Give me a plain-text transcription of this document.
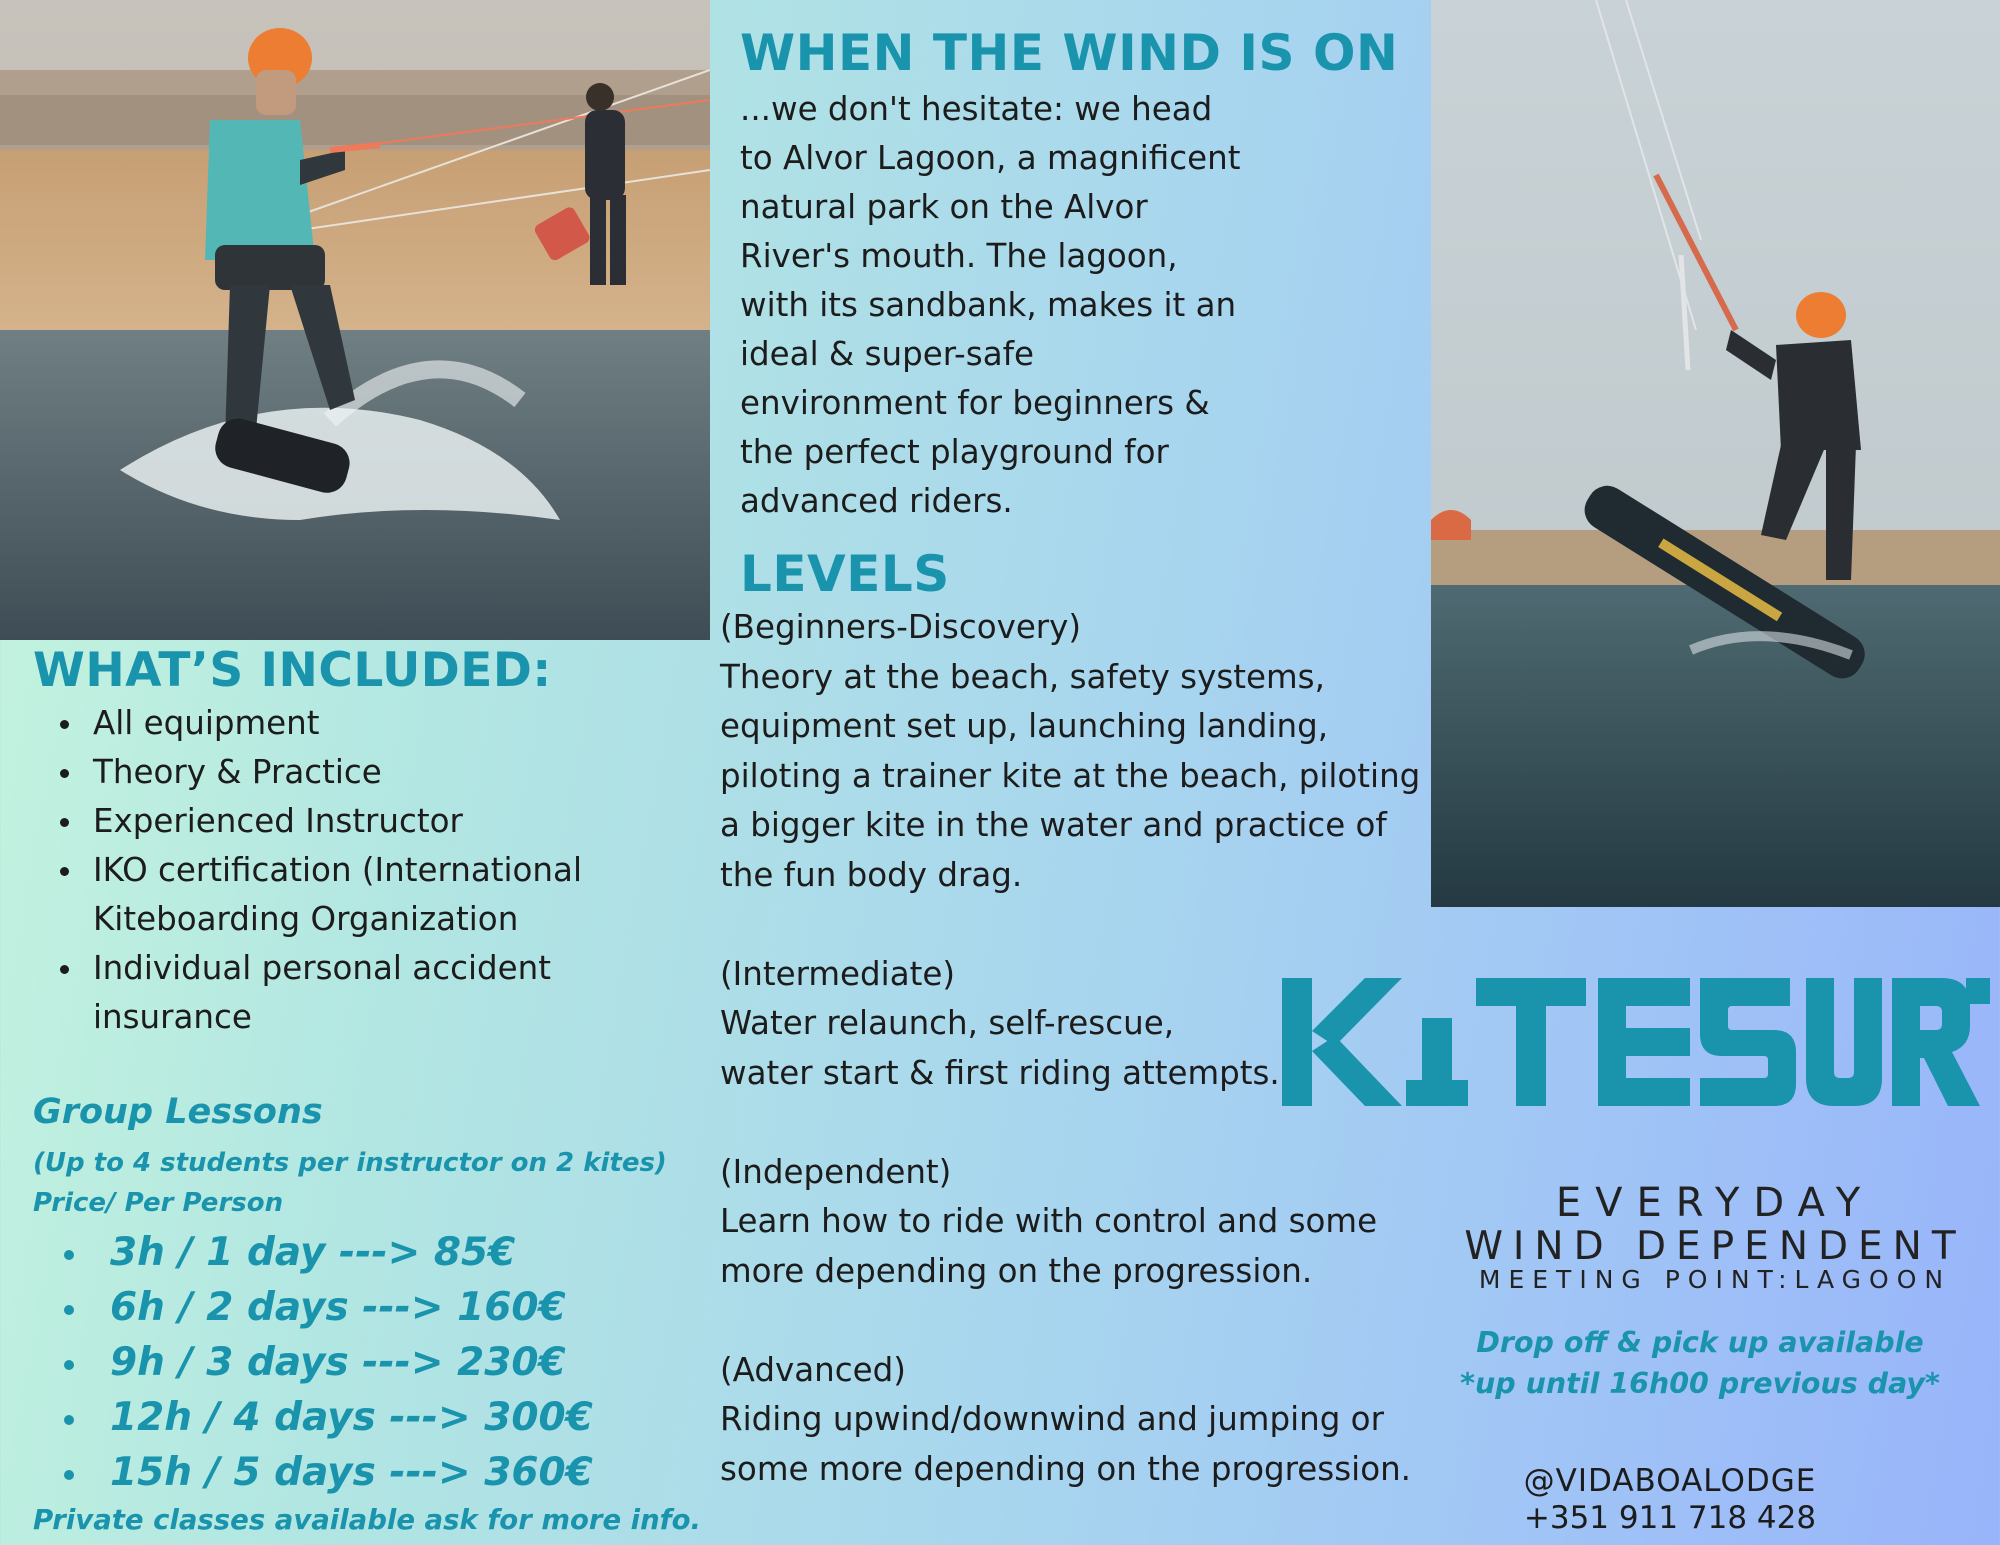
WHEN THE WIND IS ON
...we don't hesitate: we head
to Alvor Lagoon, a magnificent
natural park on the Alvor
River's mouth. The lagoon,
with its sandbank, makes it an
ideal & super-safe
environment for beginners &
the perfect playground for
advanced riders.
LEVELS
(Beginners-Discovery)
Theory at the beach, safety systems,
equipment set up, launching landing,
piloting a trainer kite at the beach, piloting
a bigger kite in the water and practice of
the fun body drag.
(Intermediate)
Water relaunch, self-rescue,
water start & first riding attempts.
(Independent)
Learn how to ride with control and some
more depending on the progression.
(Advanced)
Riding upwind/downwind and jumping or
some more depending on the progression.
WHAT’S INCLUDED:
All equipment
Theory & Practice
Experienced Instructor
IKO certification (International
Kiteboarding Organization
Individual personal accident
insurance
Group Lessons
(Up to 4 students per instructor on 2 kites)
Price/ Per Person
3h / 1 day ---> 85€
6h / 2 days ---> 160€
9h / 3 days ---> 230€
12h / 4 days ---> 300€
15h / 5 days ---> 360€
Private classes available ask for more info.
EVERYDAY
WIND DEPENDENT
MEETING POINT:LAGOON
Drop off & pick up available
*up until 16h00 previous day*
@VIDABOALODGE
+351 911 718 428
